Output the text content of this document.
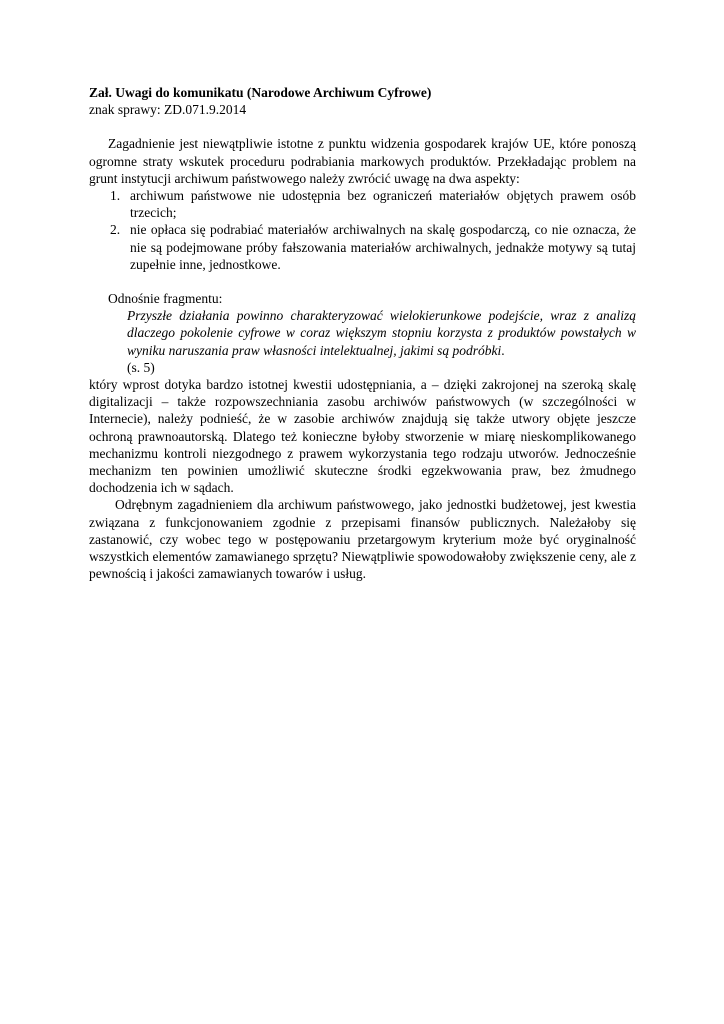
Zał. Uwagi do komunikatu (Narodowe Archiwum Cyfrowe)

znak sprawy: ZD.071.9.2014

Zagadnienie jest niewątpliwie istotne z punktu widzenia gospodarek krajów UE, które ponoszą ogromne straty wskutek proceduru podrabiania markowych produktów. Przekładając problem na grunt instytucji archiwum państwowego należy zwrócić uwagę na dwa aspekty:

1. archiwum państwowe nie udostępnia bez ograniczeń materiałów objętych prawem osób trzecich;
2. nie opłaca się podrabiać materiałów archiwalnych na skalę gospodarczą, co nie oznacza, że nie są podejmowane próby fałszowania materiałów archiwalnych, jednakże motywy są tutaj zupełnie inne, jednostkowe.

Odnośnie fragmentu:

Przyszłe działania powinno charakteryzować wielokierunkowe podejście, wraz z analizą dlaczego pokolenie cyfrowe w coraz większym stopniu korzysta z produktów powstałych w wyniku naruszania praw własności intelektualnej, jakimi są podróbki.
(s. 5)

który wprost dotyka bardzo istotnej kwestii udostępniania, a – dzięki zakrojonej na szeroką skalę digitalizacji – także rozpowszechniania zasobu archiwów państwowych (w szczególności w Internecie), należy podnieść, że w zasobie archiwów znajdują się także utwory objęte jeszcze ochroną prawnoautorską. Dlatego też konieczne byłoby stworzenie w miarę nieskomplikowanego mechanizmu kontroli niezgodnego z prawem wykorzystania tego rodzaju utworów. Jednocześnie mechanizm ten powinien umożliwić skuteczne środki egzekwowania praw, bez żmudnego dochodzenia ich w sądach.

Odrębnym zagadnieniem dla archiwum państwowego, jako jednostki budżetowej, jest kwestia związana z funkcjonowaniem zgodnie z przepisami finansów publicznych. Należałoby się zastanowić, czy wobec tego w postępowaniu przetargowym kryterium może być oryginalność wszystkich elementów zamawianego sprzętu? Niewątpliwie spowodowałoby zwiększenie ceny, ale z pewnością i jakości zamawianych towarów i usług.
